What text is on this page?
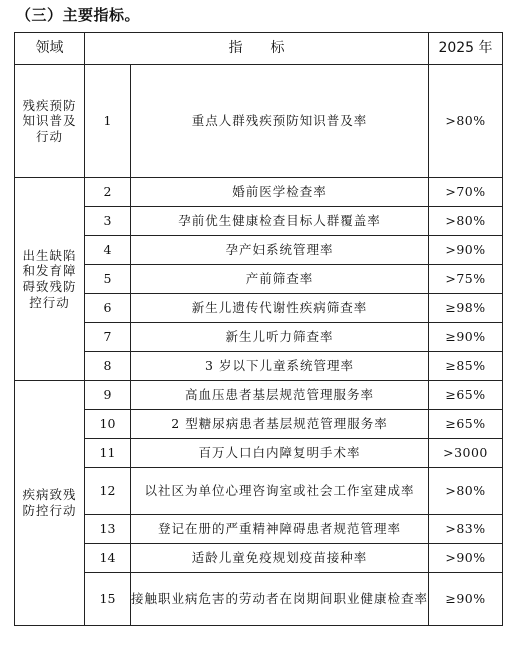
（三）主要指标。
领域	指　　标		2025 年
残疾预防知识普及行动	1	重点人群残疾预防知识普及率	>80%
出生缺陷和发育障碍致残防控行动	2	婚前医学检查率	>70%
	3	孕前优生健康检查目标人群覆盖率	>80%
	4	孕产妇系统管理率	>90%
	5	产前筛查率	>75%
	6	新生儿遗传代谢性疾病筛查率	≥98%
	7	新生儿听力筛查率	≥90%
	8	3 岁以下儿童系统管理率	≥85%
疾病致残防控行动	9	高血压患者基层规范管理服务率	≥65%
	10	2 型糖尿病患者基层规范管理服务率	≥65%
	11	百万人口白内障复明手术率	>3000
	12	以社区为单位心理咨询室或社会工作室建成率	>80%
	13	登记在册的严重精神障碍患者规范管理率	>83%
	14	适龄儿童免疫规划疫苗接种率	>90%
	15	接触职业病危害的劳动者在岗期间职业健康检查率	≥90%
